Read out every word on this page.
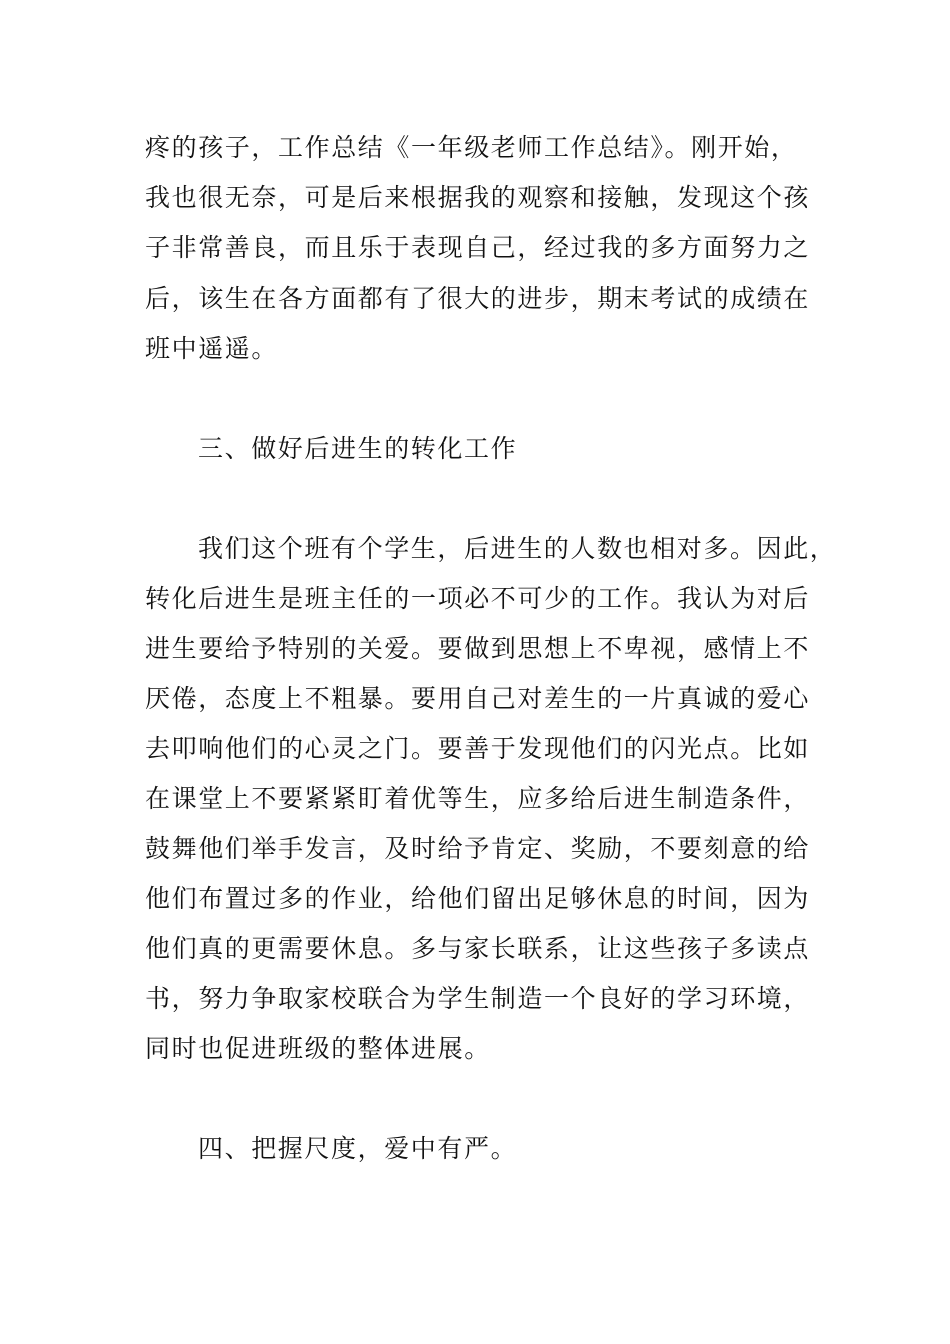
疼的孩子，工作总结《一年级老师工作总结》。刚开始，
我也很无奈，可是后来根据我的观察和接触，发现这个孩
子非常善良，而且乐于表现自己，经过我的多方面努力之
后，该生在各方面都有了很大的进步，期末考试的成绩在
班中遥遥。
三、做好后进生的转化工作
我们这个班有个学生，后进生的人数也相对多。因此，
转化后进生是班主任的一项必不可少的工作。我认为对后
进生要给予特别的关爱。要做到思想上不卑视，感情上不
厌倦，态度上不粗暴。要用自己对差生的一片真诚的爱心
去叩响他们的心灵之门。要善于发现他们的闪光点。比如
在课堂上不要紧紧盯着优等生，应多给后进生制造条件，
鼓舞他们举手发言，及时给予肯定、奖励，不要刻意的给
他们布置过多的作业，给他们留出足够休息的时间，因为
他们真的更需要休息。多与家长联系，让这些孩子多读点
书，努力争取家校联合为学生制造一个良好的学习环境，
同时也促进班级的整体进展。
四、把握尺度，爱中有严。
